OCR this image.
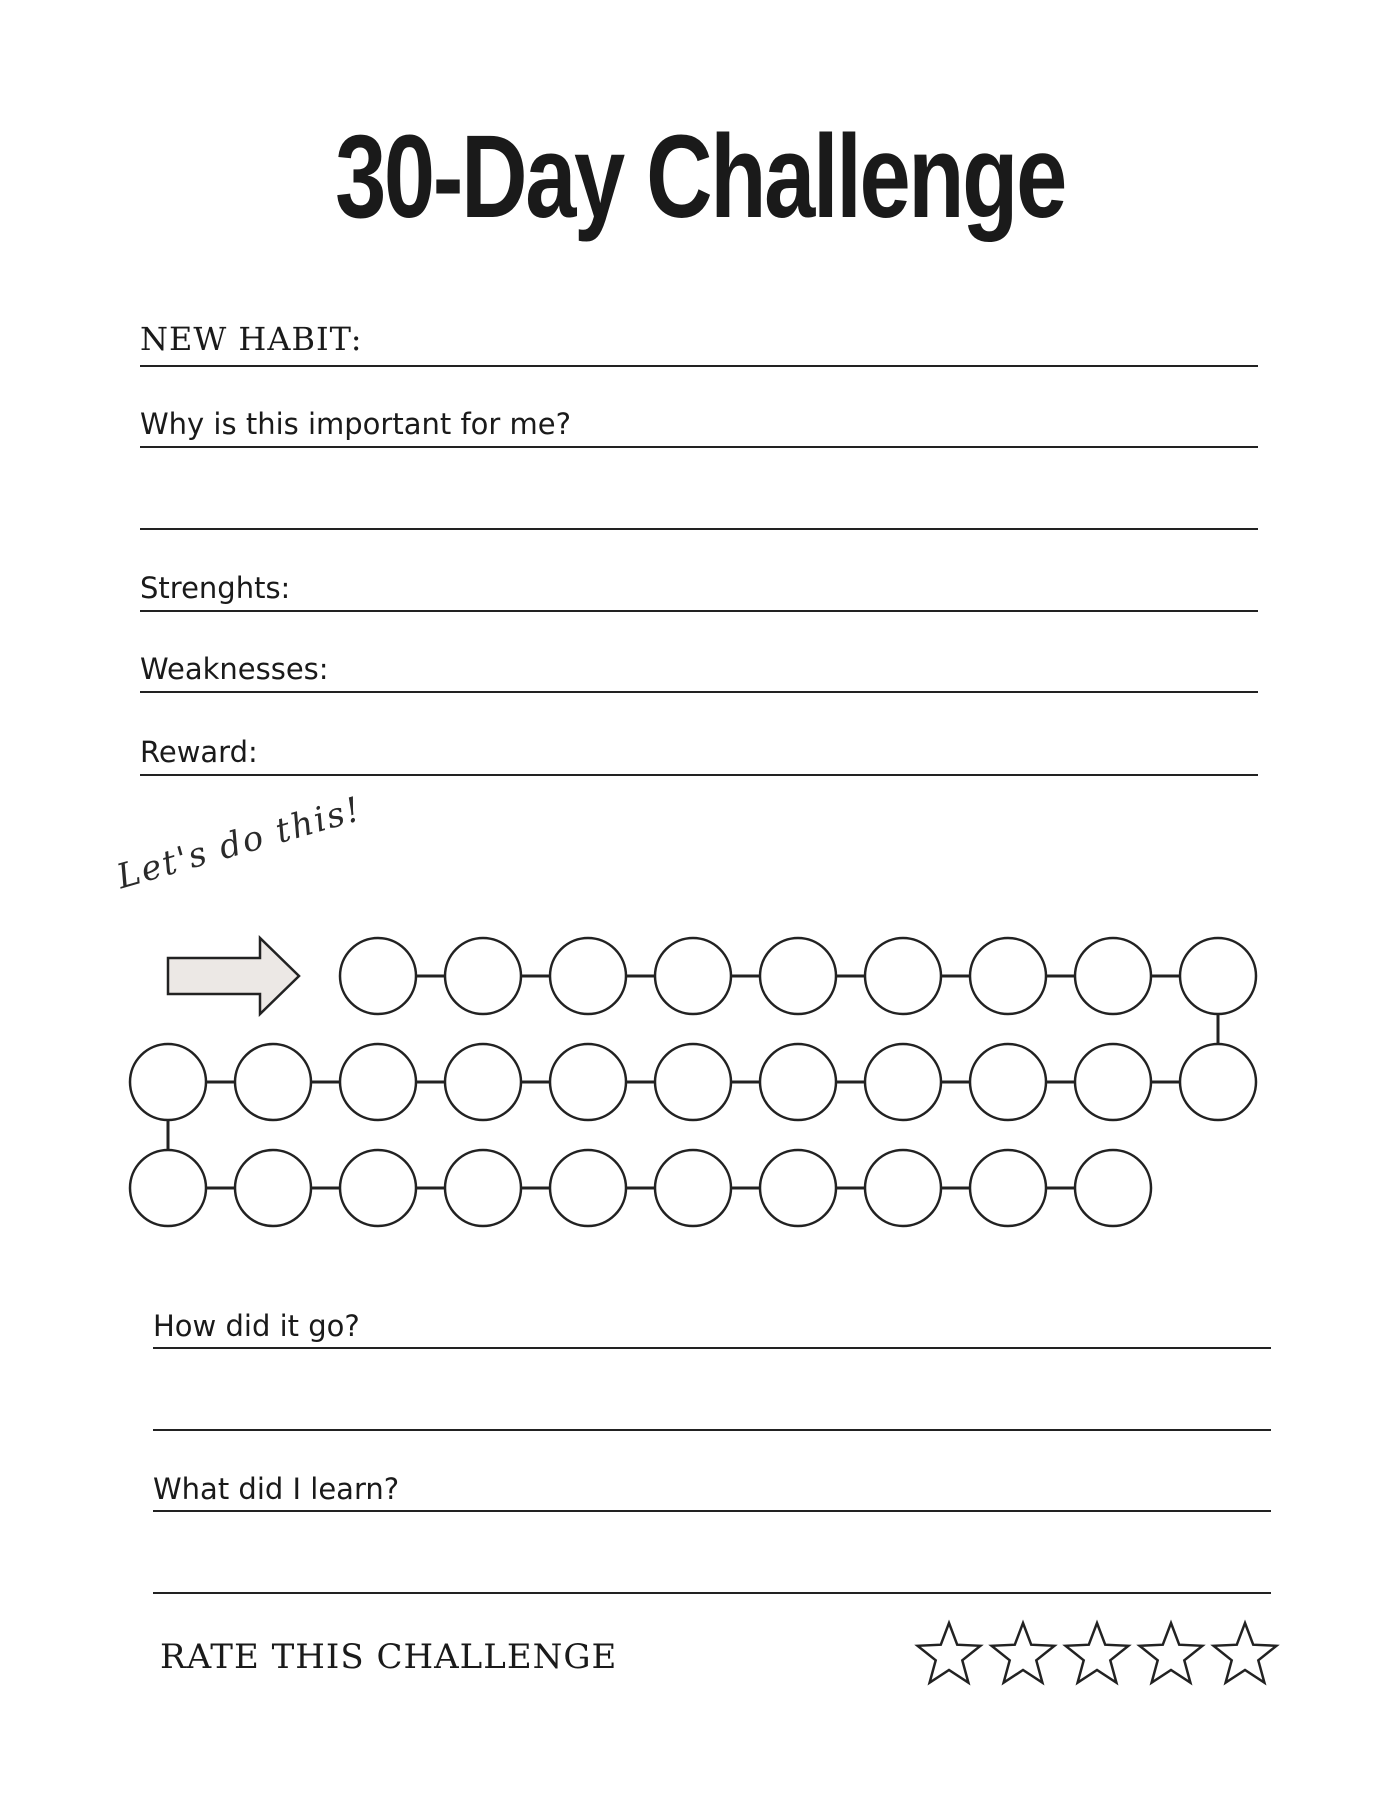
30-Day Challenge
NEW HABIT:
Why is this important for me?
Strenghts:
Weaknesses:
Reward:
Let's do this!
How did it go?
What did I learn?
RATE THIS CHALLENGE
